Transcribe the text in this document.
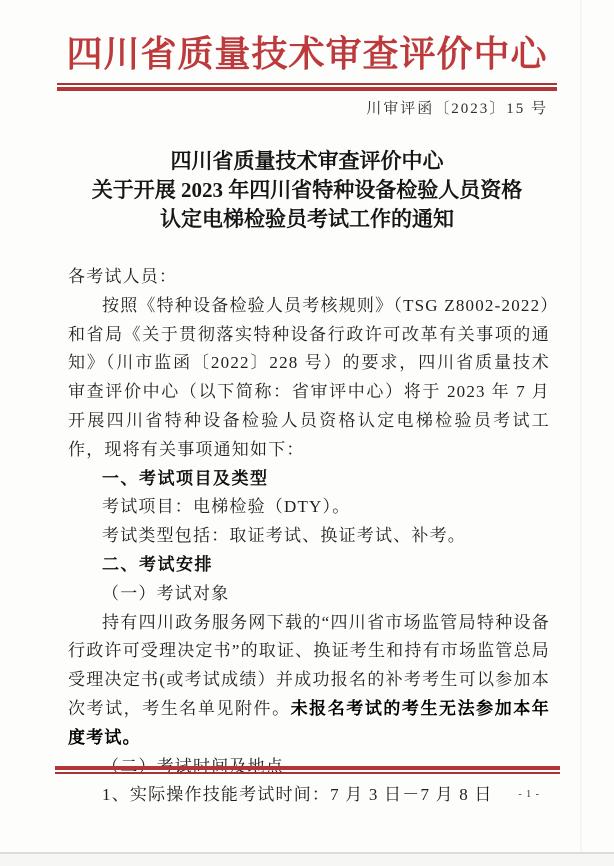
四川省质量技术审查评价中心
川审评函〔2023〕15 号
四川省质量技术审查评价中心
关于开展 2023 年四川省特种设备检验人员资格
认定电梯检验员考试工作的通知

各考试人员：

按照《特种设备检验人员考核规则》（TSG Z8002-2022）和省局《关于贯彻落实特种设备行政许可改革有关事项的通知》（川市监函〔2022〕228 号）的要求，四川省质量技术审查评价中心（以下简称：省审评中心）将于 2023 年 7 月开展四川省特种设备检验人员资格认定电梯检验员考试工作，现将有关事项通知如下：

一、考试项目及类型

考试项目：电梯检验（DTY）。

考试类型包括：取证考试、换证考试、补考。

二、考试安排

（一）考试对象

持有四川政务服务网下载的“四川省市场监管局特种设备行政许可受理决定书”的取证、换证考生和持有市场监管总局受理决定书(或考试成绩）并成功报名的补考考生可以参加本次考试，考生名单见附件。未报名考试的考生无法参加本年度考试。

1、实际操作技能考试时间：7 月 3 日－7 月 8 日	- 1 -
